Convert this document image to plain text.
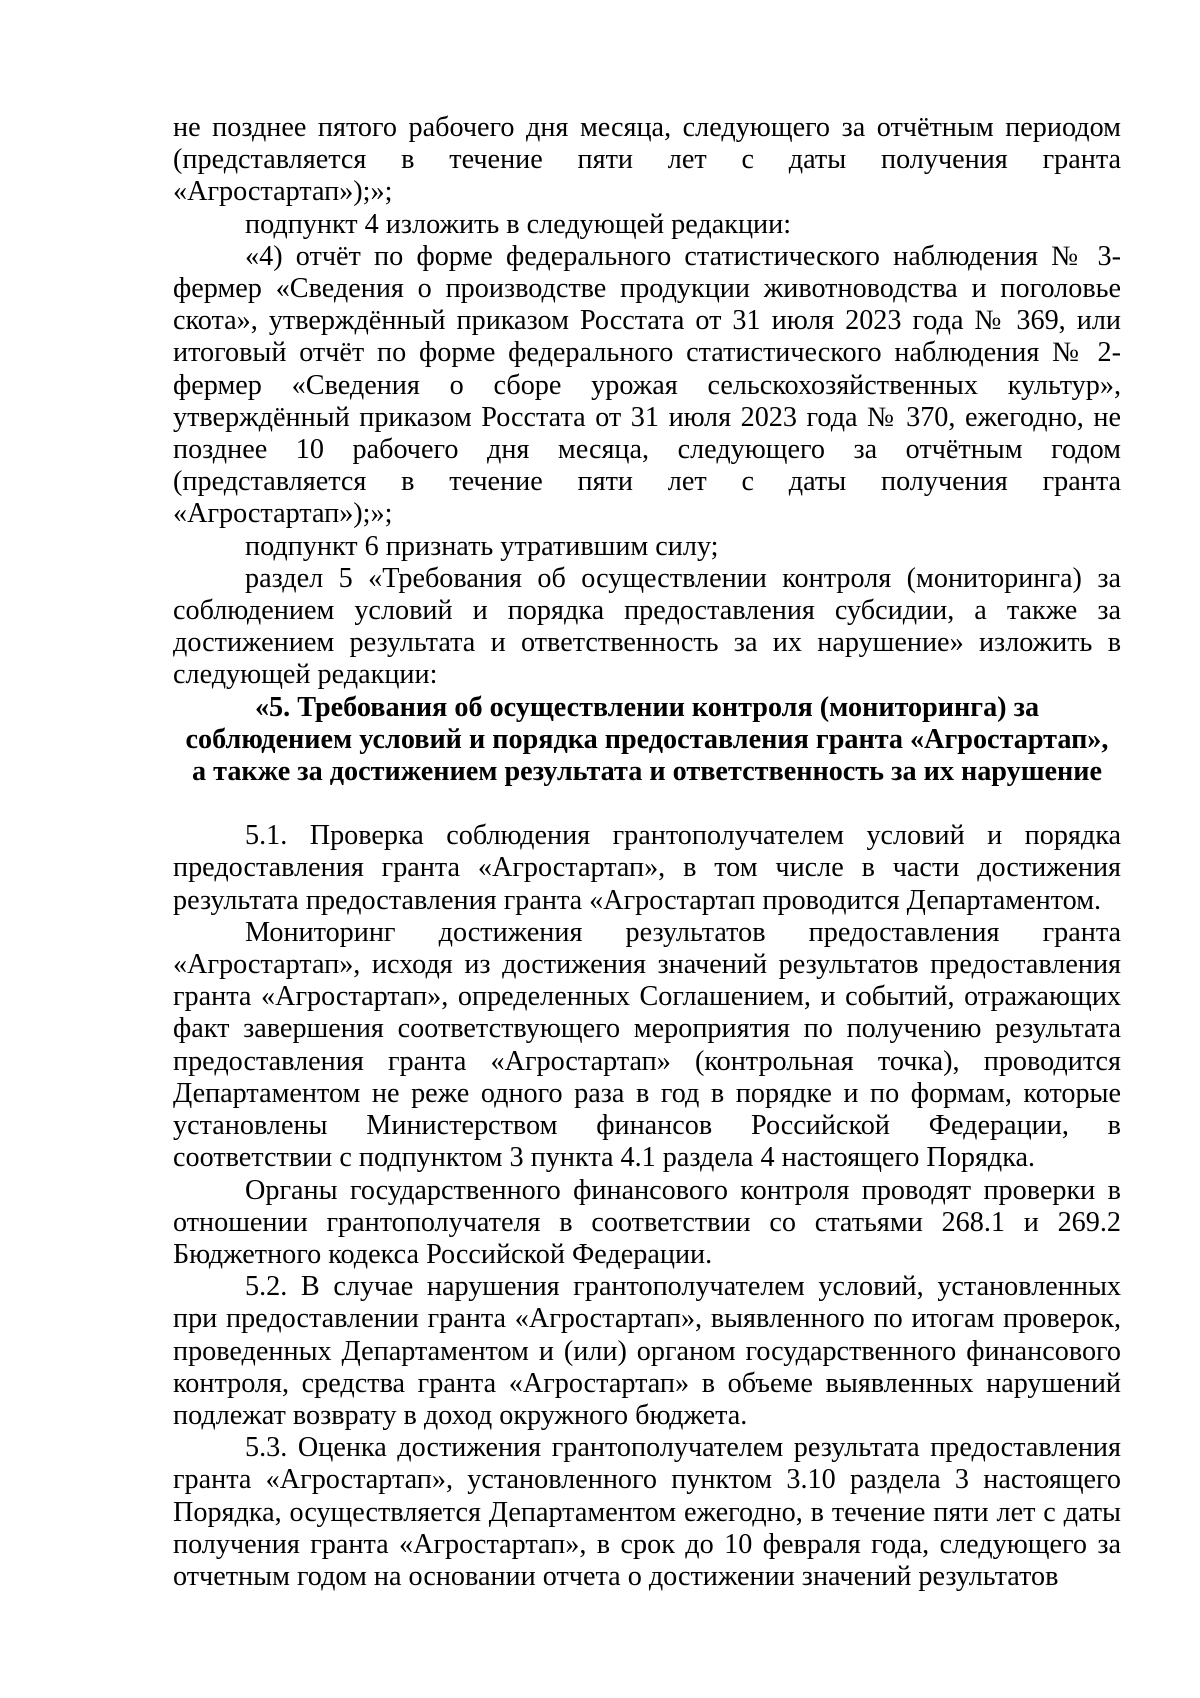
не позднее пятого рабочего дня месяца, следующего за отчётным периодом (представляется в течение пяти лет с даты получения гранта «Агростартап»);»;

подпункт 4 изложить в следующей редакции:

«4) отчёт по форме федерального статистического наблюдения № 3-фермер «Сведения о производстве продукции животноводства и поголовье скота», утверждённый приказом Росстата от 31 июля 2023 года № 369, или итоговый отчёт по форме федерального статистического наблюдения № 2-фермер «Сведения о сборе урожая сельскохозяйственных культур», утверждённый приказом Росстата от 31 июля 2023 года № 370, ежегодно, не позднее 10 рабочего дня месяца, следующего за отчётным годом (представляется в течение пяти лет с даты получения гранта «Агростартап»);»;

подпункт 6 признать утратившим силу;

раздел 5 «Требования об осуществлении контроля (мониторинга) за соблюдением условий и порядка предоставления субсидии, а также за достижением результата и ответственность за их нарушение» изложить в следующей редакции:

«5. Требования об осуществлении контроля (мониторинга) за соблюдением условий и порядка предоставления гранта «Агростартап», а также за достижением результата и ответственность за их нарушение

5.1. Проверка соблюдения грантополучателем условий и порядка предоставления гранта «Агростартап», в том числе в части достижения результата предоставления гранта «Агростартап проводится Департаментом.

Мониторинг достижения результатов предоставления гранта «Агростартап», исходя из достижения значений результатов предоставления гранта «Агростартап», определенных Соглашением, и событий, отражающих факт завершения соответствующего мероприятия по получению результата предоставления гранта «Агростартап» (контрольная точка), проводится Департаментом не реже одного раза в год в порядке и по формам, которые установлены Министерством финансов Российской Федерации, в соответствии с подпунктом 3 пункта 4.1 раздела 4 настоящего Порядка.

Органы государственного финансового контроля проводят проверки в отношении грантополучателя в соответствии со статьями 268.1 и 269.2 Бюджетного кодекса Российской Федерации.

5.2. В случае нарушения грантополучателем условий, установленных при предоставлении гранта «Агростартап», выявленного по итогам проверок, проведенных Департаментом и (или) органом государственного финансового контроля, средства гранта «Агростартап» в объеме выявленных нарушений подлежат возврату в доход окружного бюджета.

5.3. Оценка достижения грантополучателем результата предоставления гранта «Агростартап», установленного пунктом 3.10 раздела 3 настоящего Порядка, осуществляется Департаментом ежегодно, в течение пяти лет с даты получения гранта «Агростартап», в срок до 10 февраля года, следующего за отчетным годом на основании отчета о достижении значений результатов
